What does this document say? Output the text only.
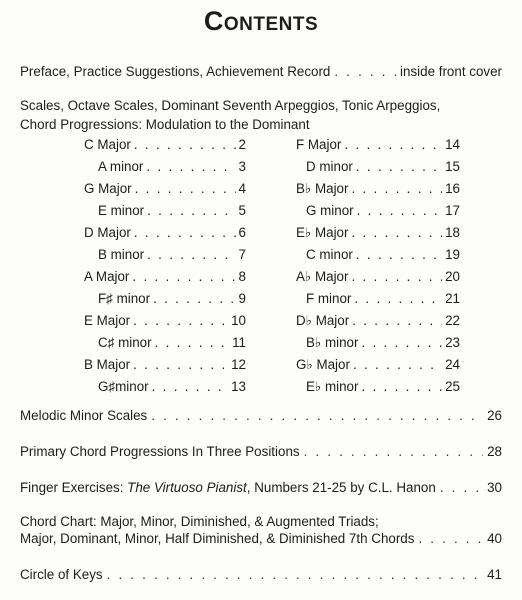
Contents
Preface, Practice Suggestions, Achievement Record . . .	inside front cover
Scales, Octave Scales, Dominant Seventh Arpeggios, Tonic Arpeggios,
Chord Progressions: Modulation to the Dominant
C Major . . .	2
A minor . . .	3
G Major . . .	4
E minor . . .	5
D Major . . .	6
B minor . . .	7
A Major . . .	8
F♯ minor . . .	9
E Major . . .	10
C♯ minor . . .	11
B Major . . .	12
G♯minor . . .	13
F Major . . .	14
D minor . . .	15
B♭ Major . . .	16
G minor . . .	17
E♭ Major . . .	18
C minor . . .	19
A♭ Major . . .	20
F minor . . .	21
D♭ Major . . .	22
B♭ minor . . .	23
G♭ Major . . .	24
E♭ minor . . .	25
Melodic Minor Scales . . .	26
Primary Chord Progressions In Three Positions . . .	28
Finger Exercises: The Virtuoso Pianist, Numbers 21-25 by C.L. Hanon . . .	30
Chord Chart: Major, Minor, Diminished, & Augmented Triads;
Major, Dominant, Minor, Half Diminished, & Diminished 7th Chords . . .	40
Circle of Keys . . .	41
